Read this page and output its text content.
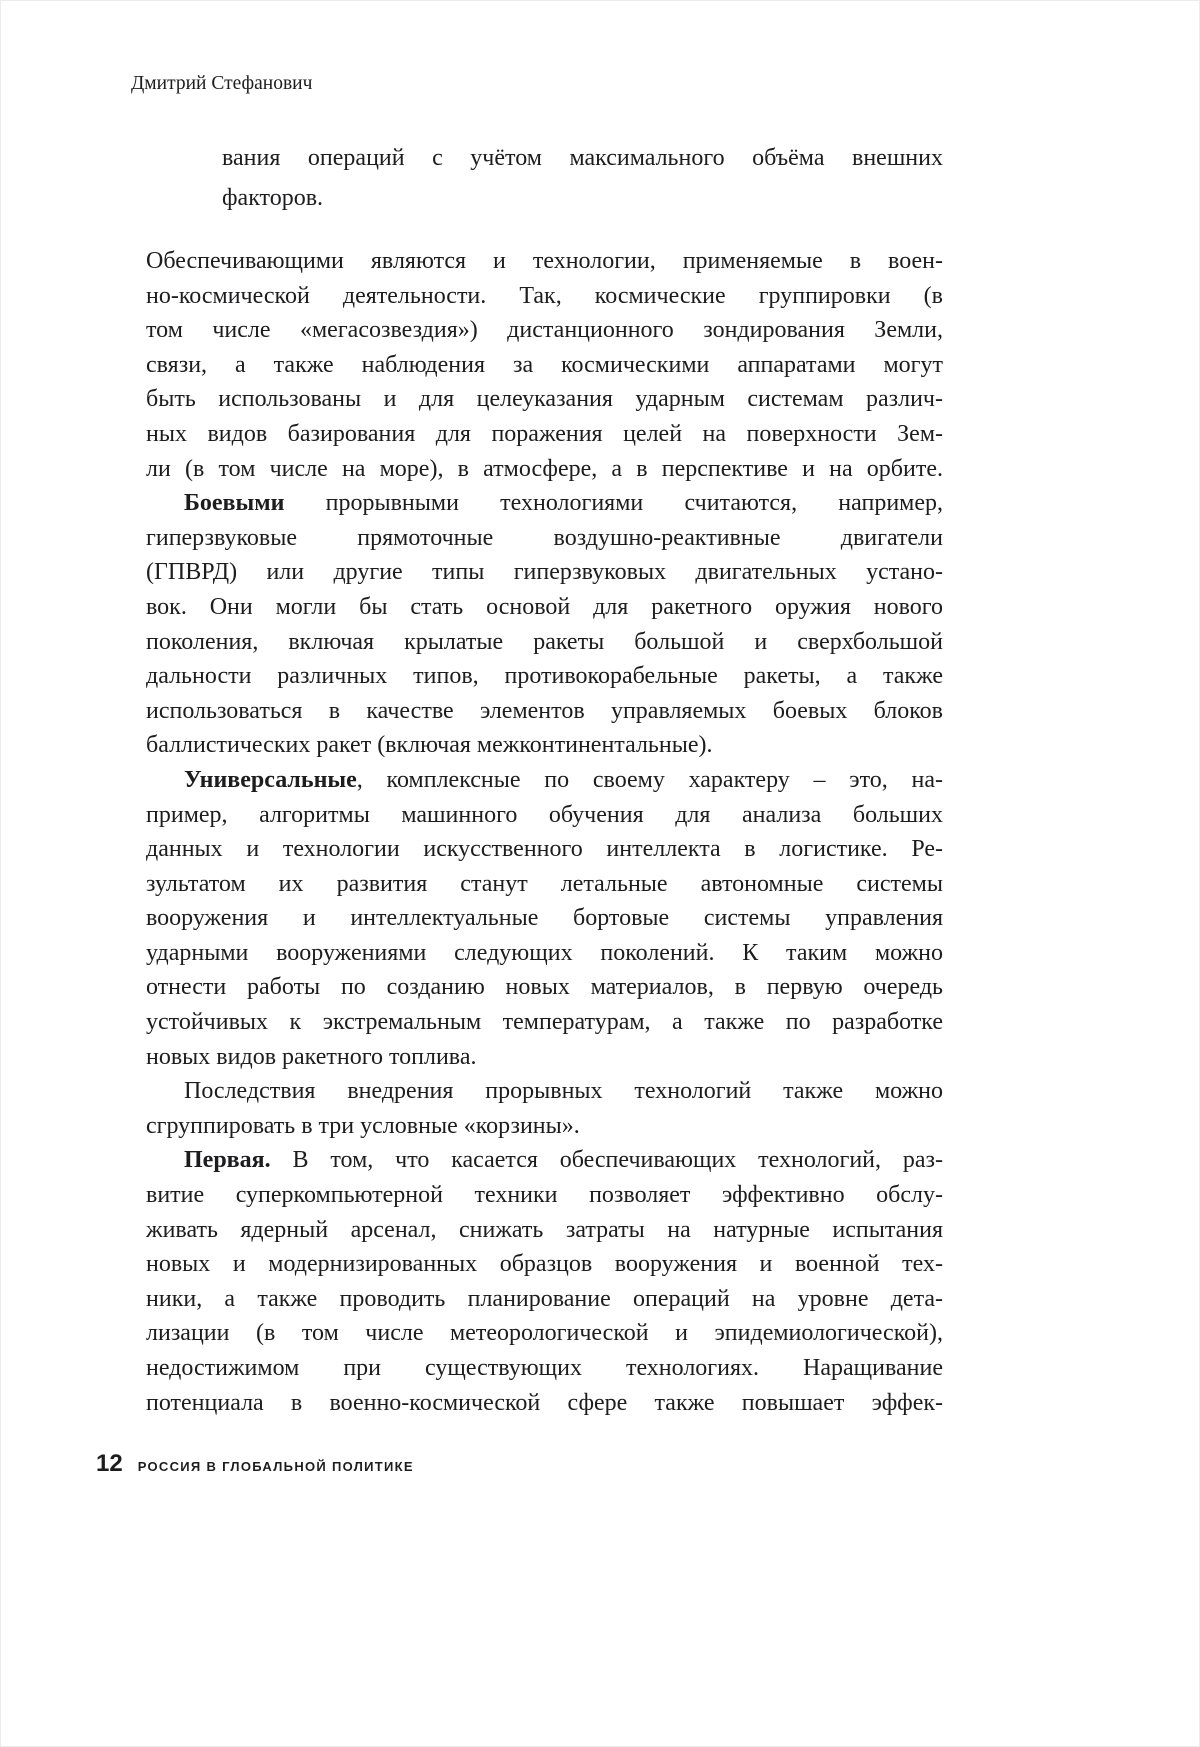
Дмитрий Стефанович
вания операций с учётом максимального объёма внешних
факторов.
Обеспечивающими являются и технологии, применяемые в воен-
но-космической деятельности. Так, космические группировки (в
том числе «мегасозвездия») дистанционного зондирования Земли,
связи, а также наблюдения за космическими аппаратами могут
быть использованы и для целеуказания ударным системам различ-
ных видов базирования для поражения целей на поверхности Зем-
ли (в том числе на море), в атмосфере, а в перспективе и на орбите.
Боевыми прорывными технологиями считаются, например,
гиперзвуковые прямоточные воздушно-реактивные двигатели
(ГПВРД) или другие типы гиперзвуковых двигательных устано-
вок. Они могли бы стать основой для ракетного оружия нового
поколения, включая крылатые ракеты большой и сверхбольшой
дальности различных типов, противокорабельные ракеты, а также
использоваться в качестве элементов управляемых боевых блоков
баллистических ракет (включая межконтинентальные).
Универсальные, комплексные по своему характеру – это, на-
пример, алгоритмы машинного обучения для анализа больших
данных и технологии искусственного интеллекта в логистике. Ре-
зультатом их развития станут летальные автономные системы
вооружения и интеллектуальные бортовые системы управления
ударными вооружениями следующих поколений. К таким можно
отнести работы по созданию новых материалов, в первую очередь
устойчивых к экстремальным температурам, а также по разработке
новых видов ракетного топлива.
Последствия внедрения прорывных технологий также можно
сгруппировать в три условные «корзины».
Первая. В том, что касается обеспечивающих технологий, раз-
витие суперкомпьютерной техники позволяет эффективно обслу-
живать ядерный арсенал, снижать затраты на натурные испытания
новых и модернизированных образцов вооружения и военной тех-
ники, а также проводить планирование операций на уровне дета-
лизации (в том числе метеорологической и эпидемиологической),
недостижимом при существующих технологиях. Наращивание
потенциала в военно-космической сфере также повышает эффек-
12 РОССИЯ В ГЛОБАЛЬНОЙ ПОЛИТИКЕ
